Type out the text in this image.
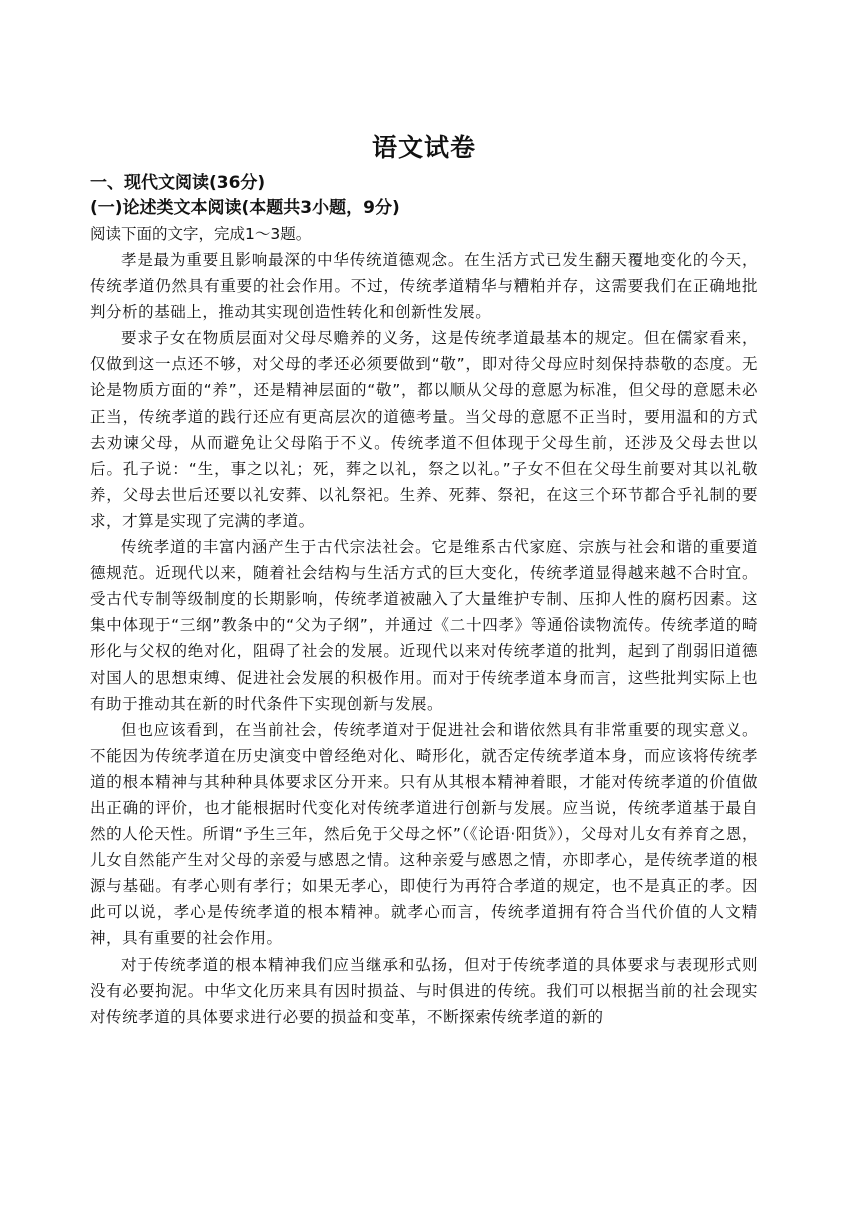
语文试卷
一、现代文阅读(36分)
(一)论述类文本阅读(本题共3小题，9分)

阅读下面的文字，完成1～3题。

孝是最为重要且影响最深的中华传统道德观念。在生活方式已发生翻天覆地变化的今天，传统孝道仍然具有重要的社会作用。不过，传统孝道精华与糟粕并存，这需要我们在正确地批判分析的基础上，推动其实现创造性转化和创新性发展。

要求子女在物质层面对父母尽赡养的义务，这是传统孝道最基本的规定。但在儒家看来，仅做到这一点还不够，对父母的孝还必须要做到“敬”，即对待父母应时刻保持恭敬的态度。无论是物质方面的“养”，还是精神层面的“敬”，都以顺从父母的意愿为标准，但父母的意愿未必正当，传统孝道的践行还应有更高层次的道德考量。当父母的意愿不正当时，要用温和的方式去劝谏父母，从而避免让父母陷于不义。传统孝道不但体现于父母生前，还涉及父母去世以后。孔子说：“生，事之以礼；死，葬之以礼，祭之以礼。”子女不但在父母生前要对其以礼敬养，父母去世后还要以礼安葬、以礼祭祀。生养、死葬、祭祀，在这三个环节都合乎礼制的要求，才算是实现了完满的孝道。

传统孝道的丰富内涵产生于古代宗法社会。它是维系古代家庭、宗族与社会和谐的重要道德规范。近现代以来，随着社会结构与生活方式的巨大变化，传统孝道显得越来越不合时宜。受古代专制等级制度的长期影响，传统孝道被融入了大量维护专制、压抑人性的腐朽因素。这集中体现于“三纲”教条中的“父为子纲”，并通过《二十四孝》等通俗读物流传。传统孝道的畸形化与父权的绝对化，阻碍了社会的发展。近现代以来对传统孝道的批判，起到了削弱旧道德对国人的思想束缚、促进社会发展的积极作用。而对于传统孝道本身而言，这些批判实际上也有助于推动其在新的时代条件下实现创新与发展。

但也应该看到，在当前社会，传统孝道对于促进社会和谐依然具有非常重要的现实意义。不能因为传统孝道在历史演变中曾经绝对化、畸形化，就否定传统孝道本身，而应该将传统孝道的根本精神与其种种具体要求区分开来。只有从其根本精神着眼，才能对传统孝道的价值做出正确的评价，也才能根据时代变化对传统孝道进行创新与发展。应当说，传统孝道基于最自然的人伦天性。所谓“予生三年，然后免于父母之怀”（《论语·阳货》），父母对儿女有养育之恩，儿女自然能产生对父母的亲爱与感恩之情。这种亲爱与感恩之情，亦即孝心，是传统孝道的根源与基础。有孝心则有孝行；如果无孝心，即使行为再符合孝道的规定，也不是真正的孝。因此可以说，孝心是传统孝道的根本精神。就孝心而言，传统孝道拥有符合当代价值的人文精神，具有重要的社会作用。

对于传统孝道的根本精神我们应当继承和弘扬，但对于传统孝道的具体要求与表现形式则没有必要拘泥。中华文化历来具有因时损益、与时俱进的传统。我们可以根据当前的社会现实对传统孝道的具体要求进行必要的损益和变革，不断探索传统孝道的新的
